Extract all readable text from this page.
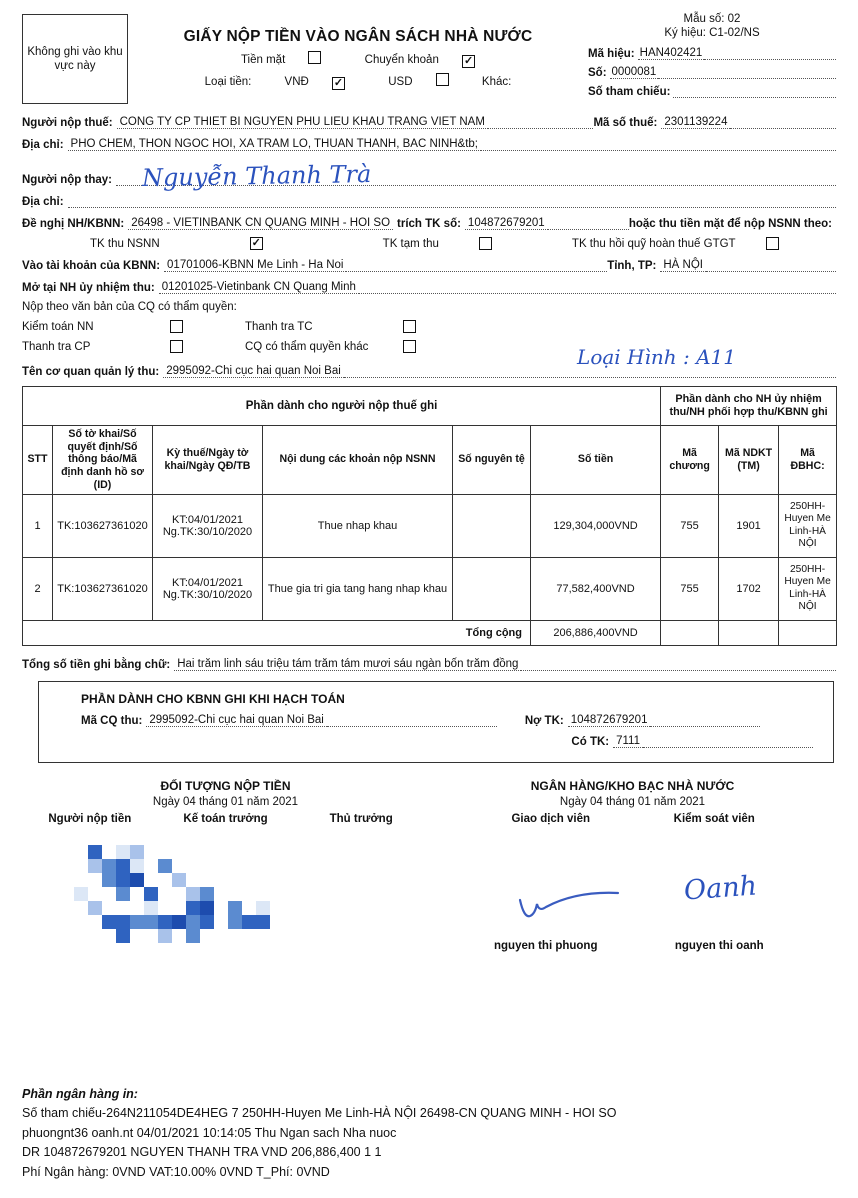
Không ghi vào khu vực này
GIẤY NỘP TIỀN VÀO NGÂN SÁCH NHÀ NƯỚC
Tiền mặt	Chuyển khoản ✓
Loại tiền:	VNĐ ✓	USD	Khác:
Mẫu số: 02
Ký hiệu: C1-02/NS
Mã hiệu: HAN402421
Số: 0000081
Số tham chiếu:
Người nộp thuế: CONG TY CP THIET BI NGUYEN PHU LIEU KHAU TRANG VIET NAM	Mã số thuế: 2301139224
Địa chỉ: PHO CHEM, THON NGOC HOI, XA TRAM LO, THUAN THANH, BAC NINH&tb;
Người nộp thay: Nguyễn Thanh Trà
Địa chỉ:
Đề nghị NH/KBNN: 26498 - VIETINBANK CN QUANG MINH - HOI SO trích TK số: 104872679201	hoặc thu tiền mặt để nộp NSNN theo:
TK thu NSNN	✓	TK tạm thu	TK thu hồi quỹ hoàn thuế GTGT
Vào tài khoản của KBNN: 01701006-KBNN Me Linh - Ha Noi	Tỉnh, TP: HÀ NỘI
Mở tại NH ủy nhiệm thu: 01201025-Vietinbank CN Quang Minh
Nộp theo văn bản của CQ có thẩm quyền:
Kiểm toán NN	Thanh tra TC
Thanh tra CP	CQ có thẩm quyền khác	Loại Hình : A11
Tên cơ quan quản lý thu: 2995092-Chi cục hai quan Noi Bai
Phần dành cho người nộp thuế ghi						Phần dành cho NH ủy nhiệm thu/NH phối hợp thu/KBNN ghi		
STT	Số tờ khai/Số quyết định/Số thông báo/Mã định danh hồ sơ (ID)	Kỳ thuế/Ngày tờ khai/Ngày QĐ/TB	Nội dung các khoản nộp NSNN	Số nguyên tệ	Số tiền	Mã chương	Mã NDKT (TM)	Mã ĐBHC:
1	TK:103627361020	KT:04/01/2021
Ng.TK:30/10/2020	Thue nhap khau		129,304,000VND	755	1901	250HH-Huyen Me Linh-HÀ NỘI
2	TK:103627361020	KT:04/01/2021
Ng.TK:30/10/2020	Thue gia tri gia tang hang nhap khau		77,582,400VND	755	1702	250HH-Huyen Me Linh-HÀ NỘI
Tổng cộng					206,886,400VND			
Tổng số tiền ghi bằng chữ: Hai trăm linh sáu triệu tám trăm tám mươi sáu ngàn bốn trăm đồng
PHẦN DÀNH CHO KBNN GHI KHI HẠCH TOÁN
Mã CQ thu: 2995092-Chi cục hai quan Noi Bai	Nợ TK: 104872679201
Có TK: 7111
ĐỐI TƯỢNG NỘP TIỀN
Ngày 04 tháng 01 năm 2021
Người nộp tiền	Kế toán trưởng	Thủ trưởng
NGÂN HÀNG/KHO BẠC NHÀ NƯỚC
Ngày 04 tháng 01 năm 2021
Giao dịch viên	Kiểm soát viên
Oanh
nguyen thi phuong	nguyen thi oanh
Phần ngân hàng in:
Số tham chiếu-264N211054DE4HEG 7 250HH-Huyen Me Linh-HÀ NỘI 26498-CN QUANG MINH - HOI SO
phuongnt36 oanh.nt 04/01/2021 10:14:05 Thu Ngan sach Nha nuoc
DR 104872679201 NGUYEN THANH TRA VND 206,886,400 1 1
Phí Ngân hàng: 0VND VAT:10.00% 0VND T_Phí: 0VND
